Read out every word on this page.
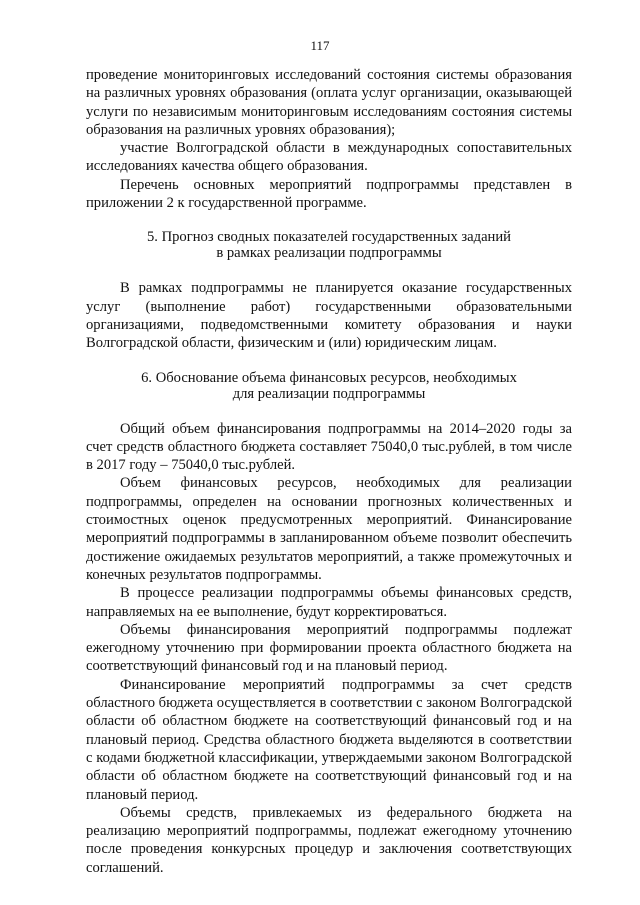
117

проведение мониторинговых исследований состояния системы образования на различных уровнях образования (оплата услуг организации, оказывающей услуги по независимым мониторинговым исследованиям состояния системы образования на различных уровнях образования);

участие Волгоградской области в международных сопоставительных исследованиях качества общего образования.

Перечень основных мероприятий подпрограммы представлен в приложении 2 к государственной программе.

5. Прогноз сводных показателей государственных заданий
в рамках реализации подпрограммы

В рамках подпрограммы не планируется оказание государственных услуг (выполнение работ) государственными образовательными организациями, подведомственными комитету образования и науки Волгоградской области, физическим и (или) юридическим лицам.

6. Обоснование объема финансовых ресурсов, необходимых
для реализации подпрограммы

Общий объем финансирования подпрограммы на 2014–2020 годы за счет средств областного бюджета составляет 75040,0 тыс.рублей, в том числе в 2017 году – 75040,0 тыс.рублей.

Объем финансовых ресурсов, необходимых для реализации подпрограммы, определен на основании прогнозных количественных и стоимостных оценок предусмотренных мероприятий. Финансирование мероприятий подпрограммы в запланированном объеме позволит обеспечить достижение ожидаемых результатов мероприятий, а также промежуточных и конечных результатов подпрограммы.

В процессе реализации подпрограммы объемы финансовых средств, направляемых на ее выполнение, будут корректироваться.

Объемы финансирования мероприятий подпрограммы подлежат ежегодному уточнению при формировании проекта областного бюджета на соответствующий финансовый год и на плановый период.

Финансирование мероприятий подпрограммы за счет средств областного бюджета осуществляется в соответствии с законом Волгоградской области об областном бюджете на соответствующий финансовый год и на плановый период. Средства областного бюджета выделяются в соответствии с кодами бюджетной классификации, утверждаемыми законом Волгоградской области об областном бюджете на соответствующий финансовый год и на плановый период.

Объемы средств, привлекаемых из федерального бюджета на реализацию мероприятий подпрограммы, подлежат ежегодному уточнению после проведения конкурсных процедур и заключения соответствующих соглашений.
